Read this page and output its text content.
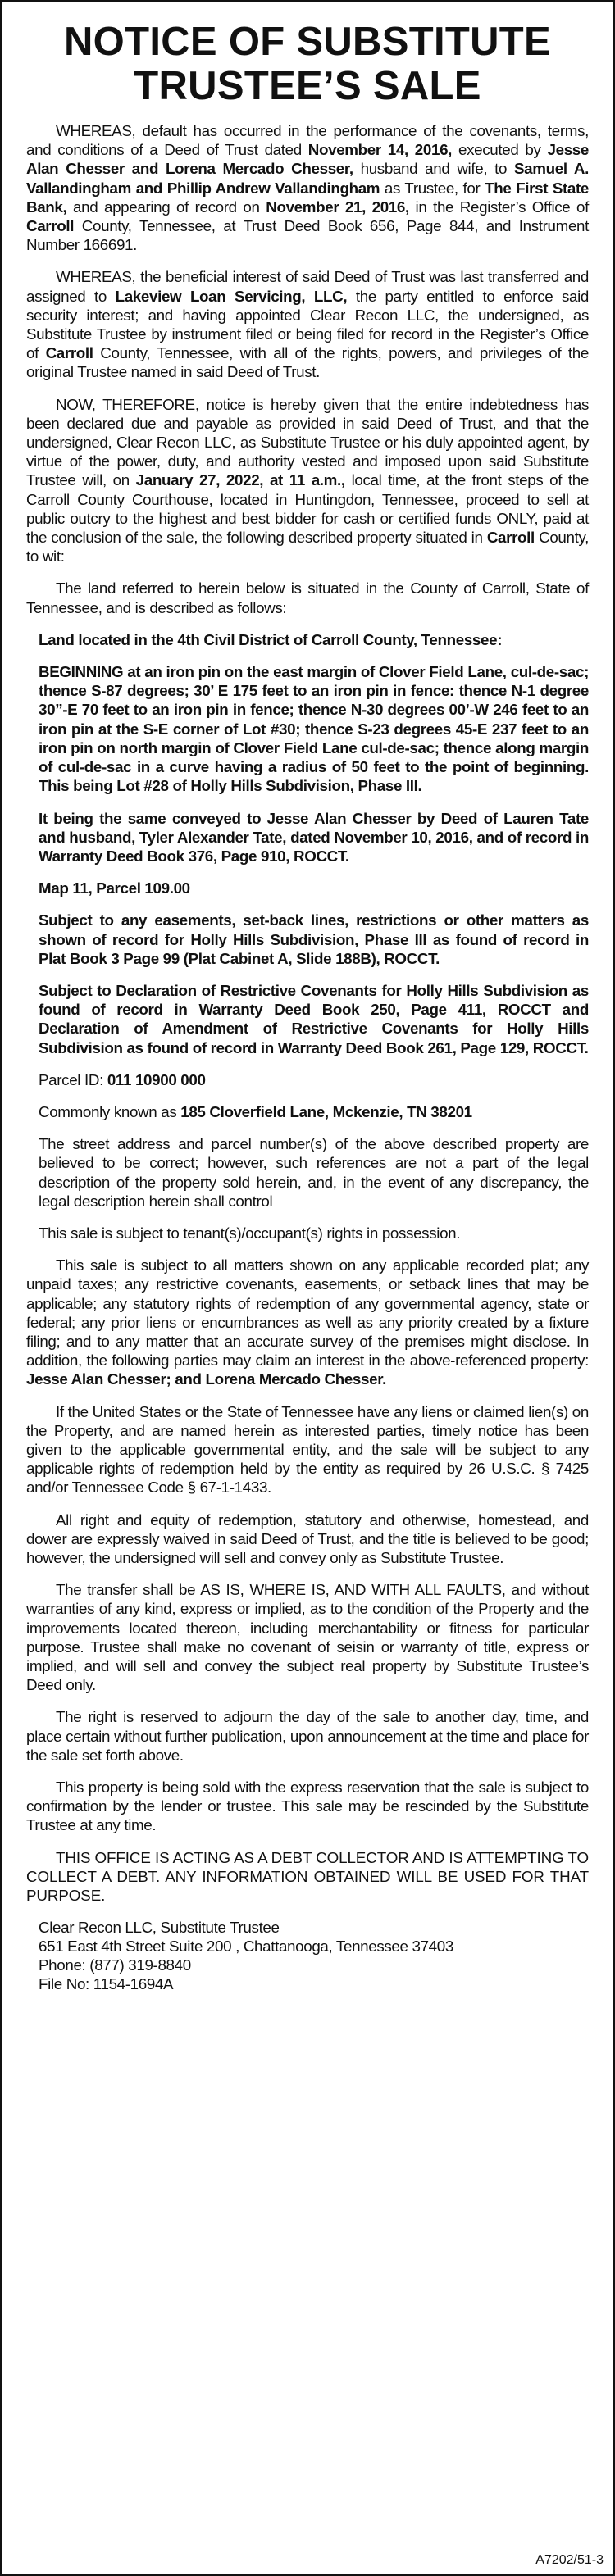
NOTICE OF SUBSTITUTE
TRUSTEE’S SALE

WHEREAS, default has occurred in the performance of the covenants, terms, and conditions of a Deed of Trust dated November 14, 2016, executed by Jesse Alan Chesser and Lorena Mercado Chesser, husband and wife, to Samuel A. Vallandingham and Phillip Andrew Vallandingham as Trustee, for The First State Bank, and appearing of record on November 21, 2016, in the Register’s Office of Carroll County, Tennessee, at Trust Deed Book 656, Page 844, and Instrument Number 166691.

WHEREAS, the beneficial interest of said Deed of Trust was last transferred and assigned to Lakeview Loan Servicing, LLC, the party entitled to enforce said security interest; and having appointed Clear Recon LLC, the undersigned, as Substitute Trustee by instrument filed or being filed for record in the Register’s Office of Carroll County, Tennessee, with all of the rights, powers, and privileges of the original Trustee named in said Deed of Trust.

NOW, THEREFORE, notice is hereby given that the entire indebtedness has been declared due and payable as provided in said Deed of Trust, and that the undersigned, Clear Recon LLC, as Substitute Trustee or his duly appointed agent, by virtue of the power, duty, and authority vested and imposed upon said Substitute Trustee will, on January 27, 2022, at 11 a.m., local time, at the front steps of the Carroll County Courthouse, located in Huntingdon, Tennessee, proceed to sell at public outcry to the highest and best bidder for cash or certified funds ONLY, paid at the conclusion of the sale, the following described property situated in Carroll County, to wit:

The land referred to herein below is situated in the County of Carroll, State of Tennessee, and is described as follows:

Land located in the 4th Civil District of Carroll County, Tennessee:

BEGINNING at an iron pin on the east margin of Clover Field Lane, cul-de-sac; thence S-87 degrees; 30’ E 175 feet to an iron pin in fence: thence N-1 degree 30’’-E 70 feet to an iron pin in fence; thence N-30 degrees 00’-W 246 feet to an iron pin at the S-E corner of Lot #30; thence S-23 degrees 45-E 237 feet to an iron pin on north margin of Clover Field Lane cul-de-sac; thence along margin of cul-de-sac in a curve having a radius of 50 feet to the point of beginning. This being Lot #28 of Holly Hills Subdivision, Phase III.

It being the same conveyed to Jesse Alan Chesser by Deed of Lauren Tate and husband, Tyler Alexander Tate, dated November 10, 2016, and of record in Warranty Deed Book 376, Page 910, ROCCT.

Map 11, Parcel 109.00

Subject to any easements, set-back lines, restrictions or other matters as shown of record for Holly Hills Subdivision, Phase III as found of record in Plat Book 3 Page 99 (Plat Cabinet A, Slide 188B), ROCCT.

Subject to Declaration of Restrictive Covenants for Holly Hills Subdivision as found of record in Warranty Deed Book 250, Page 411, ROCCT and Declaration of Amendment of Restrictive Covenants for Holly Hills Subdivision as found of record in Warranty Deed Book 261, Page 129, ROCCT.

Parcel ID: 011 10900 000

Commonly known as 185 Cloverfield Lane, Mckenzie, TN 38201

The street address and parcel number(s) of the above described property are believed to be correct; however, such references are not a part of the legal description of the property sold herein, and, in the event of any discrepancy, the legal description herein shall control

This sale is subject to tenant(s)/occupant(s) rights in possession.

This sale is subject to all matters shown on any applicable recorded plat; any unpaid taxes; any restrictive covenants, easements, or setback lines that may be applicable; any statutory rights of redemption of any governmental agency, state or federal; any prior liens or encumbrances as well as any priority created by a fixture filing; and to any matter that an accurate survey of the premises might disclose. In addition, the following parties may claim an interest in the above-referenced property: Jesse Alan Chesser; and Lorena Mercado Chesser.

If the United States or the State of Tennessee have any liens or claimed lien(s) on the Property, and are named herein as interested parties, timely notice has been given to the applicable governmental entity, and the sale will be subject to any applicable rights of redemption held by the entity as required by 26 U.S.C. § 7425 and/or Tennessee Code § 67-1-1433.

All right and equity of redemption, statutory and otherwise, homestead, and dower are expressly waived in said Deed of Trust, and the title is believed to be good; however, the undersigned will sell and convey only as Substitute Trustee.

The transfer shall be AS IS, WHERE IS, AND WITH ALL FAULTS, and without warranties of any kind, express or implied, as to the condition of the Property and the improvements located thereon, including merchantability or fitness for particular purpose. Trustee shall make no covenant of seisin or warranty of title, express or implied, and will sell and convey the subject real property by Substitute Trustee’s Deed only.

The right is reserved to adjourn the day of the sale to another day, time, and place certain without further publication, upon announcement at the time and place for the sale set forth above.

This property is being sold with the express reservation that the sale is subject to confirmation by the lender or trustee. This sale may be rescinded by the Substitute Trustee at any time.

THIS OFFICE IS ACTING AS A DEBT COLLECTOR AND IS ATTEMPTING TO COLLECT A DEBT. ANY INFORMATION OBTAINED WILL BE USED FOR THAT PURPOSE.

Clear Recon LLC, Substitute Trustee
651 East 4th Street Suite 200 , Chattanooga, Tennessee 37403
Phone: (877) 319-8840
File No: 1154-1694A
A7202/51-3
